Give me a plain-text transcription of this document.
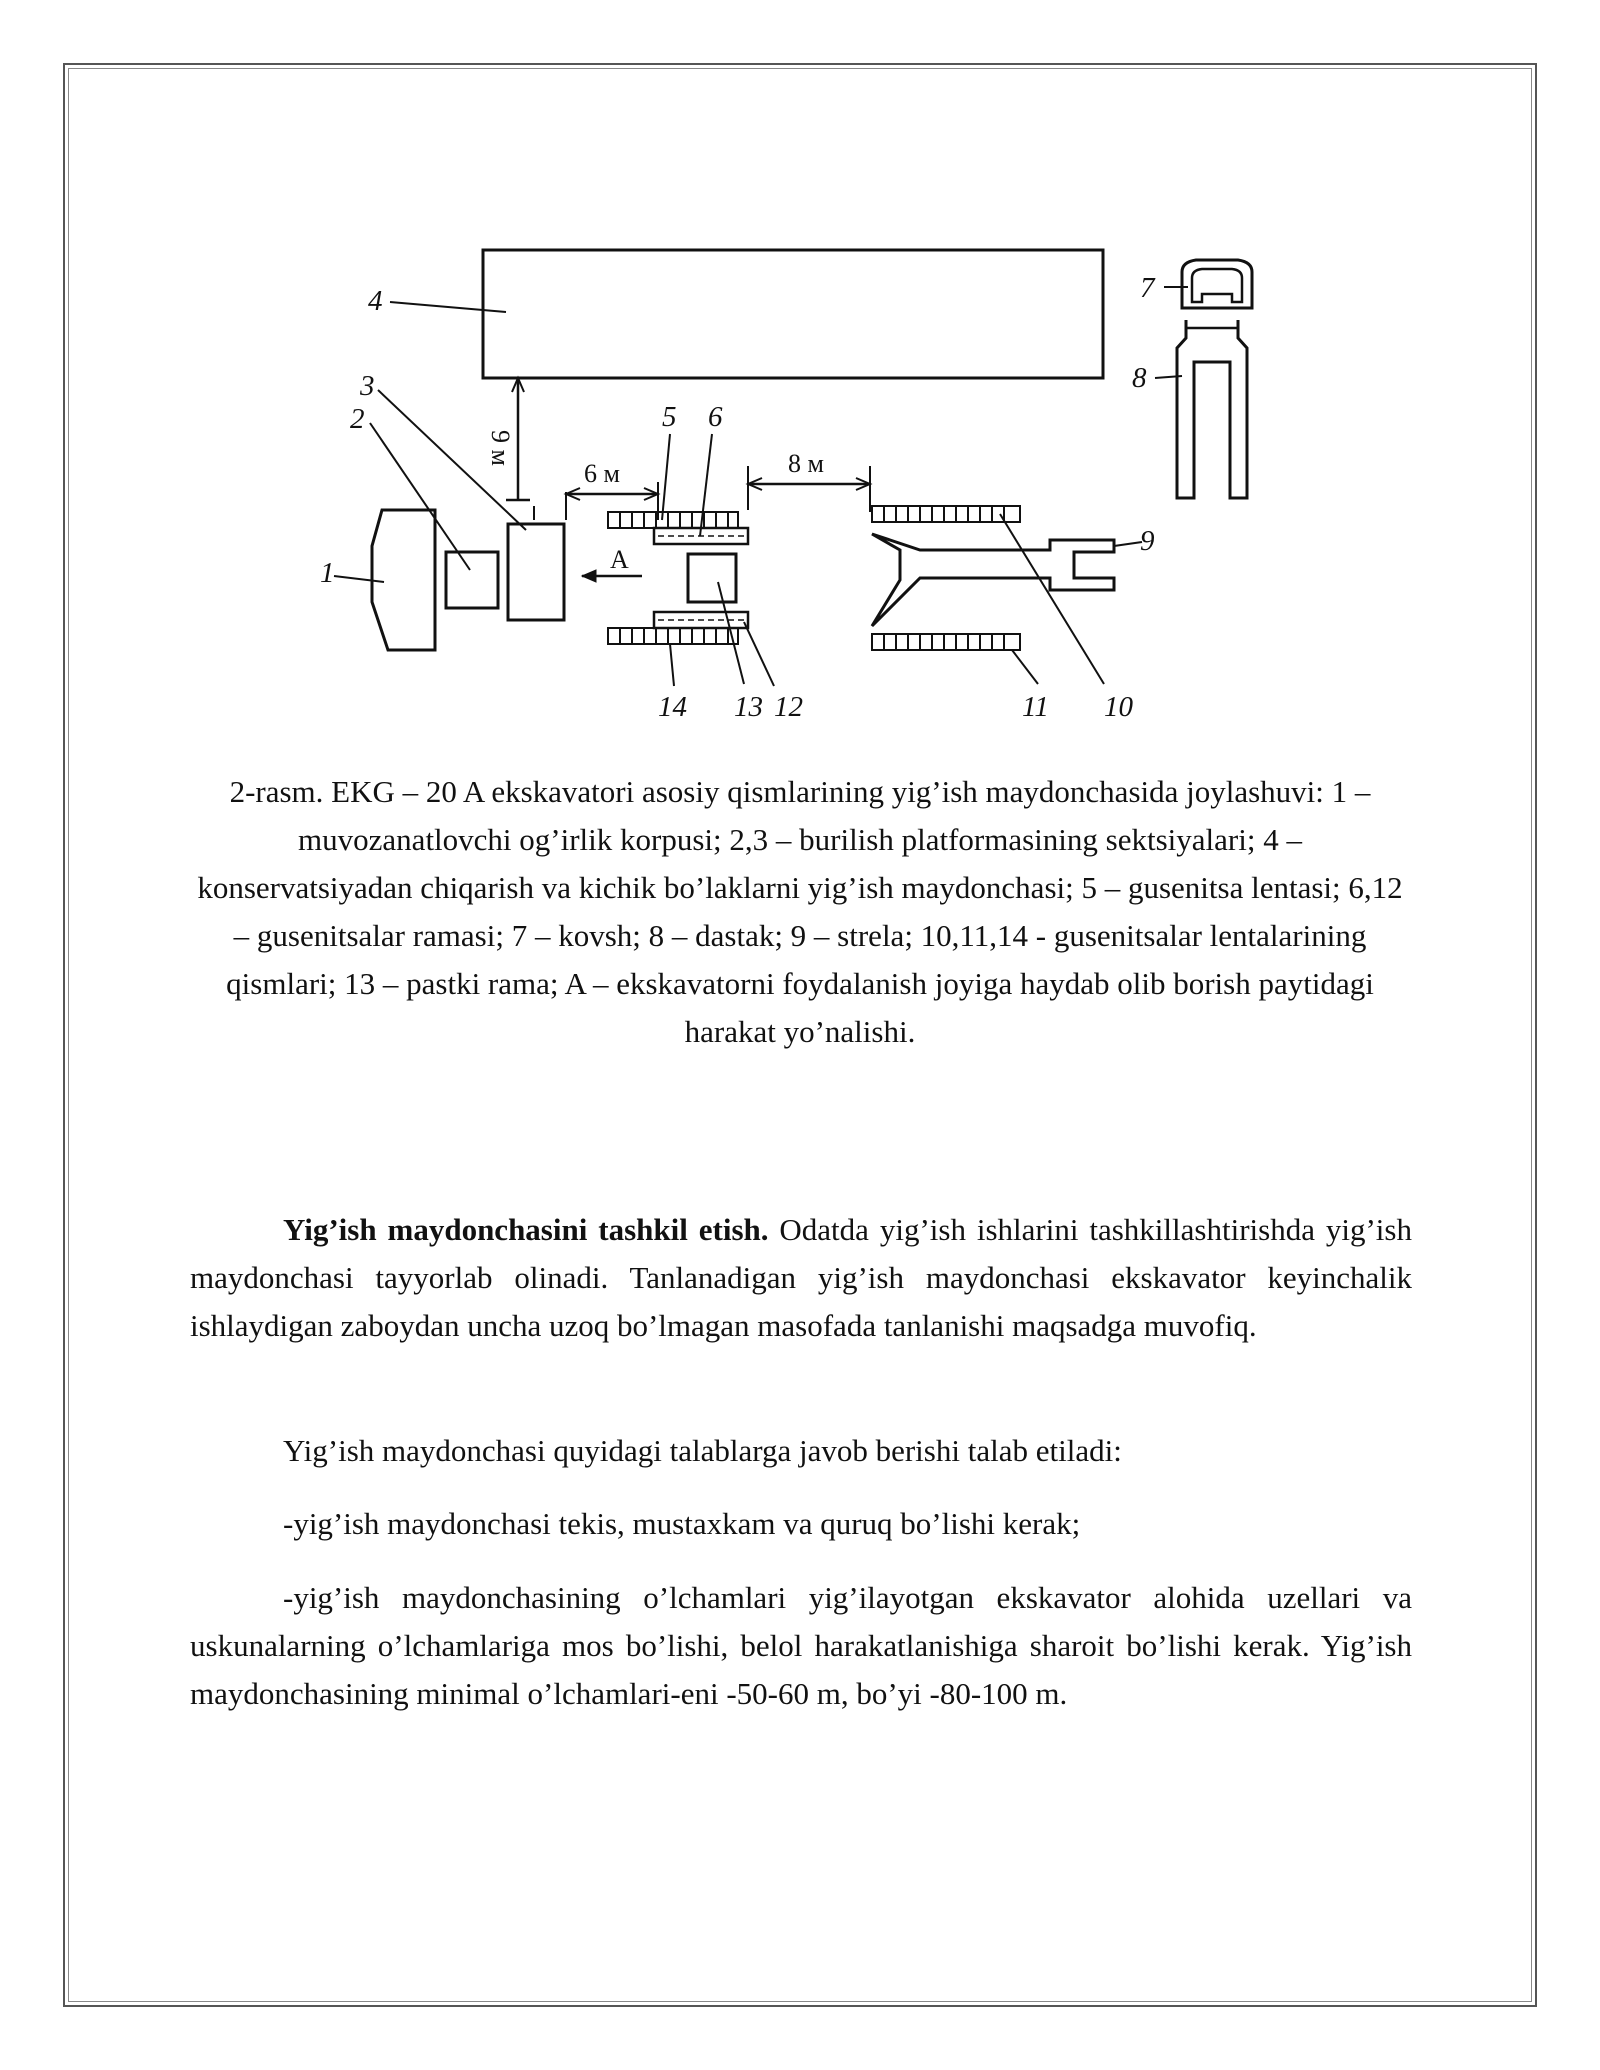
4	7
8
9 м
1
2
3
6 м
A
5 6
14 13 12
8 м
10
9
11
2-rasm. EKG – 20 A ekskavatori asosiy qismlarining yig’ish maydonchasida joylashuvi: 1 – muvozanatlovchi og’irlik korpusi; 2,3 – burilish platformasining sektsiyalari; 4 – konservatsiyadan chiqarish va kichik bo’laklarni yig’ish maydonchasi; 5 – gusenitsa lentasi; 6,12 – gusenitsalar ramasi; 7 – kovsh; 8 – dastak; 9 – strela; 10,11,14 - gusenitsalar lentalarining qismlari; 13 – pastki rama; A – ekskavatorni foydalanish joyiga haydab olib borish paytidagi harakat yo’nalishi.

Yig’ish maydonchasini tashkil etish. Odatda yig’ish ishlarini tashkillashtirishda yig’ish maydonchasi tayyorlab olinadi. Tanlanadigan yig’ish maydonchasi ekskavator keyinchalik ishlaydigan zaboydan uncha uzoq bo’lmagan masofada tanlanishi maqsadga muvofiq.

Yig’ish maydonchasi quyidagi talablarga javob berishi talab etiladi:

-yig’ish maydonchasi tekis, mustaxkam va quruq bo’lishi kerak;

-yig’ish maydonchasining o’lchamlari yig’ilayotgan ekskavator alohida uzellari va uskunalarning o’lchamlariga mos bo’lishi, belol harakatlanishiga sharoit bo’lishi kerak. Yig’ish maydonchasining minimal o’lchamlari-eni -50-60 m, bo’yi -80-100 m.
